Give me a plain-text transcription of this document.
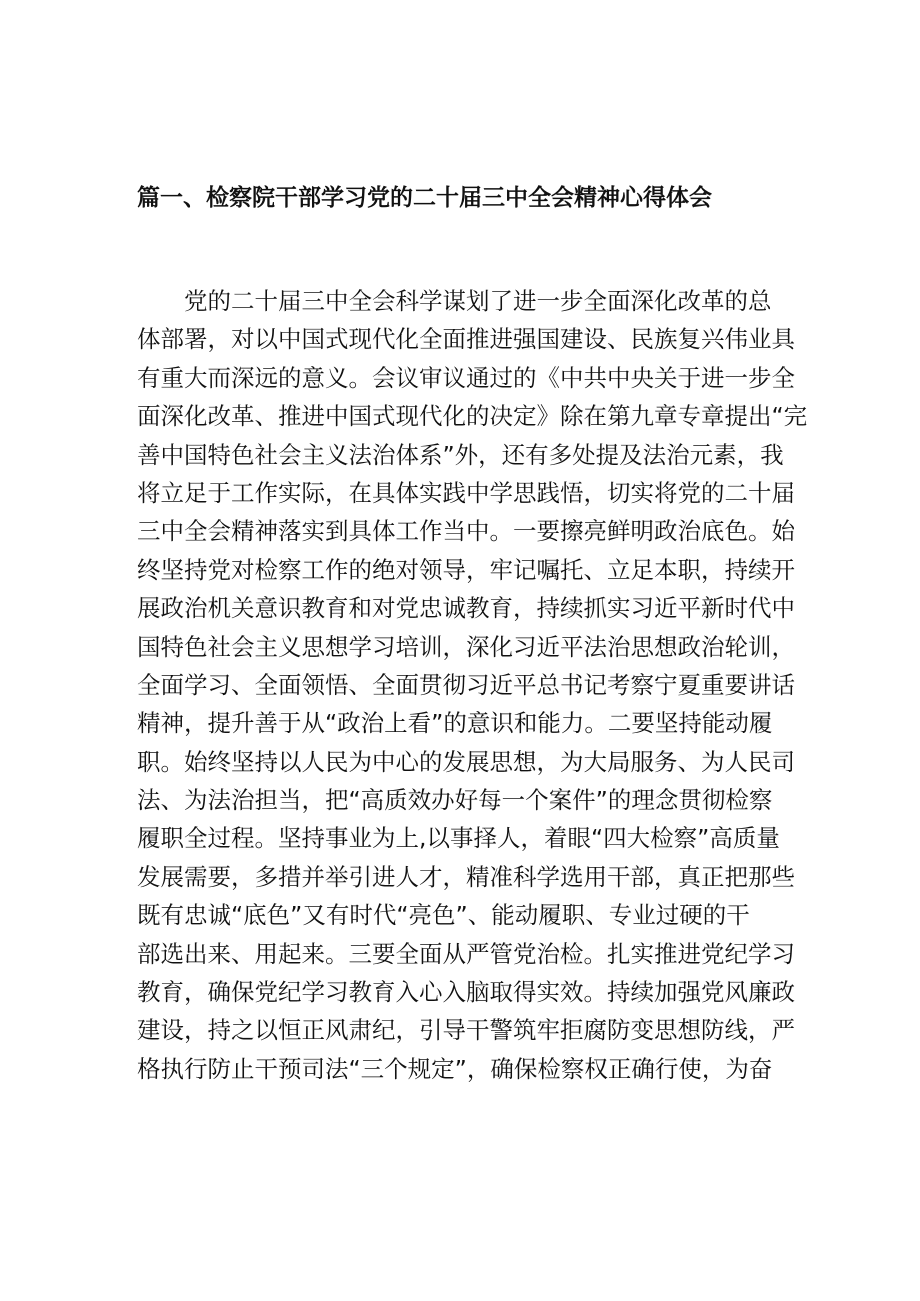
篇一、检察院干部学习党的二十届三中全会精神心得体会
党的二十届三中全会科学谋划了进一步全面深化改革的总
体部署，对以中国式现代化全面推进强国建设、民族复兴伟业具
有重大而深远的意义。会议审议通过的《中共中央关于进一步全
面深化改革、推进中国式现代化的决定》除在第九章专章提出“完
善中国特色社会主义法治体系”外，还有多处提及法治元素，我
将立足于工作实际，在具体实践中学思践悟，切实将党的二十届
三中全会精神落实到具体工作当中。一要擦亮鲜明政治底色。始
终坚持党对检察工作的绝对领导，牢记嘱托、立足本职，持续开
展政治机关意识教育和对党忠诚教育，持续抓实习近平新时代中
国特色社会主义思想学习培训，深化习近平法治思想政治轮训，
全面学习、全面领悟、全面贯彻习近平总书记考察宁夏重要讲话
精神，提升善于从“政治上看”的意识和能力。二要坚持能动履
职。始终坚持以人民为中心的发展思想，为大局服务、为人民司
法、为法治担当，把“高质效办好每一个案件”的理念贯彻检察
履职全过程。坚持事业为上,以事择人，着眼“四大检察”高质量
发展需要，多措并举引进人才，精准科学选用干部，真正把那些
既有忠诚“底色”又有时代“亮色”、能动履职、专业过硬的干
部选出来、用起来。三要全面从严管党治检。扎实推进党纪学习
教育，确保党纪学习教育入心入脑取得实效。持续加强党风廉政
建设，持之以恒正风肃纪，引导干警筑牢拒腐防变思想防线，严
格执行防止干预司法“三个规定”，确保检察权正确行使，为奋
